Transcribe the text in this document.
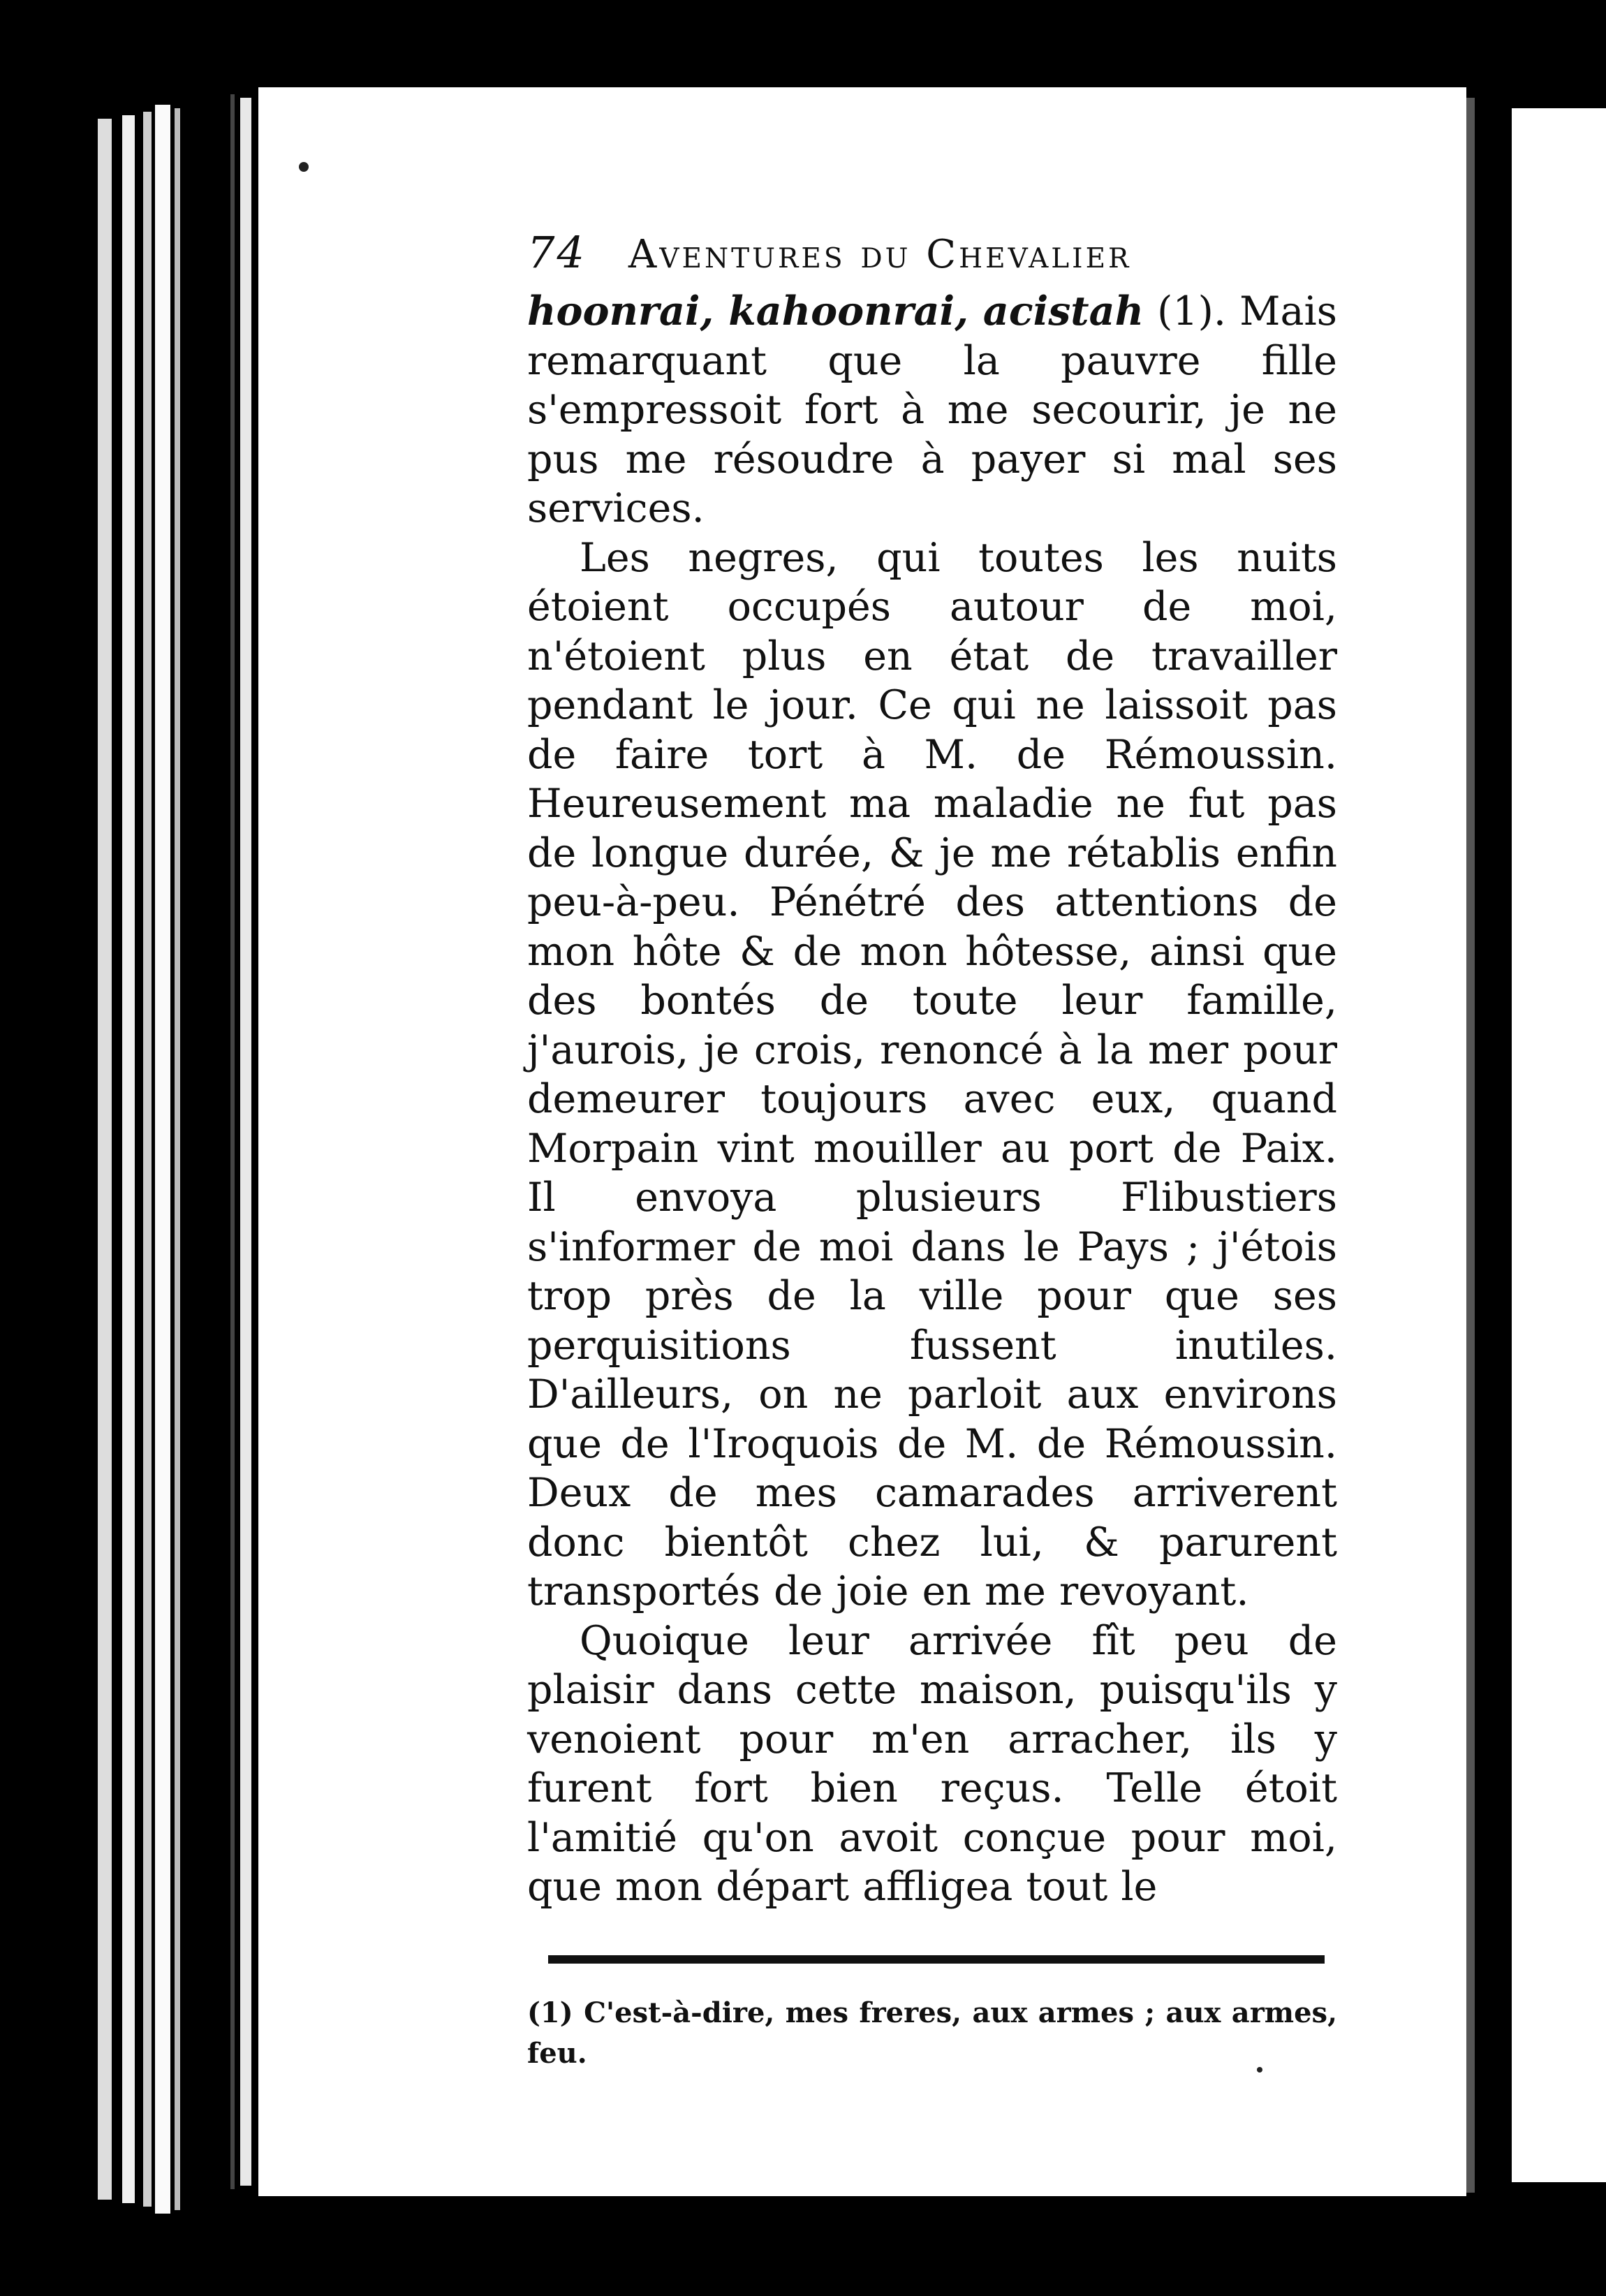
0
74 Aventures du Chevalier

hoonrai, kahoonrai, acistah (1). Mais remarquant que la pauvre fille s'empressoit fort à me secourir, je ne pus me résoudre à payer si mal ses services.

Les negres, qui toutes les nuits étoient occupés autour de moi, n'étoient plus en état de travailler pendant le jour. Ce qui ne laissoit pas de faire tort à M. de Rémoussin. Heureusement ma maladie ne fut pas de longue durée, & je me rétablis enfin peu-à-peu. Pénétré des attentions de mon hôte & de mon hôtesse, ainsi que des bontés de toute leur famille, j'aurois, je crois, renoncé à la mer pour demeurer toujours avec eux, quand Morpain vint mouiller au port de Paix. Il envoya plusieurs Flibustiers s'informer de moi dans le Pays ; j'étois trop près de la ville pour que ses perquisitions fussent inutiles. D'ailleurs, on ne parloit aux environs que de l'Iroquois de M. de Rémoussin. Deux de mes camarades arriverent donc bientôt chez lui, & parurent transportés de joie en me revoyant.

Quoique leur arrivée fît peu de plaisir dans cette maison, puisqu'ils y venoient pour m'en arracher, ils y furent fort bien reçus. Telle étoit l'amitié qu'on avoit conçue pour moi, que mon départ affligea tout le

(1) C'est-à-dire, mes freres, aux armes ; aux armes, feu.
